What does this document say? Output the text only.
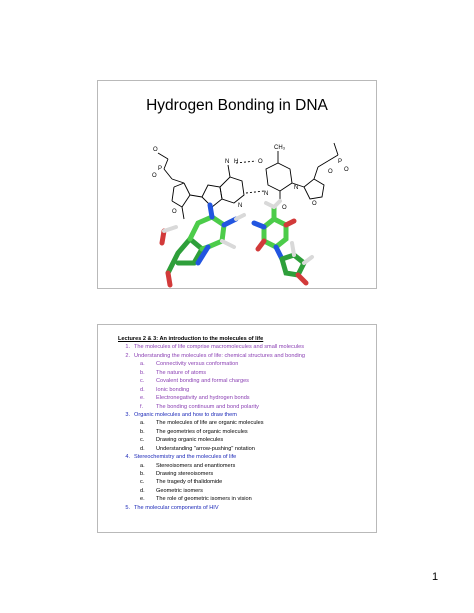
Hydrogen Bonding in DNA
O
P
O
O	N
N
N H	O
CH₃
N
O
N
O
O
P
O
Lectures 2 & 3: An introduction to the molecules of life
1. The molecules of life comprise macromolecules and small molecules
2. Understanding the molecules of life: chemical structures and bonding
a.	Connectivity versus conformation
b.	The nature of atoms
c.	Covalent bonding and formal charges
d.	Ionic bonding
e.	Electronegativity and hydrogen bonds
f.	The bonding continuum and bond polarity
3. Organic molecules and how to draw them
a.	The molecules of life are organic molecules
b.	The geometries of organic molecules
c.	Drawing organic molecules
d.	Understanding "arrow-pushing" notation
4. Stereochemistry and the molecules of life
a.	Stereoisomers and enantiomers
b.	Drawing stereoisomers
c.	The tragedy of thalidomide
d.	Geometric isomers
e.	The role of geometric isomers in vision
5. The molecular components of HIV
1
